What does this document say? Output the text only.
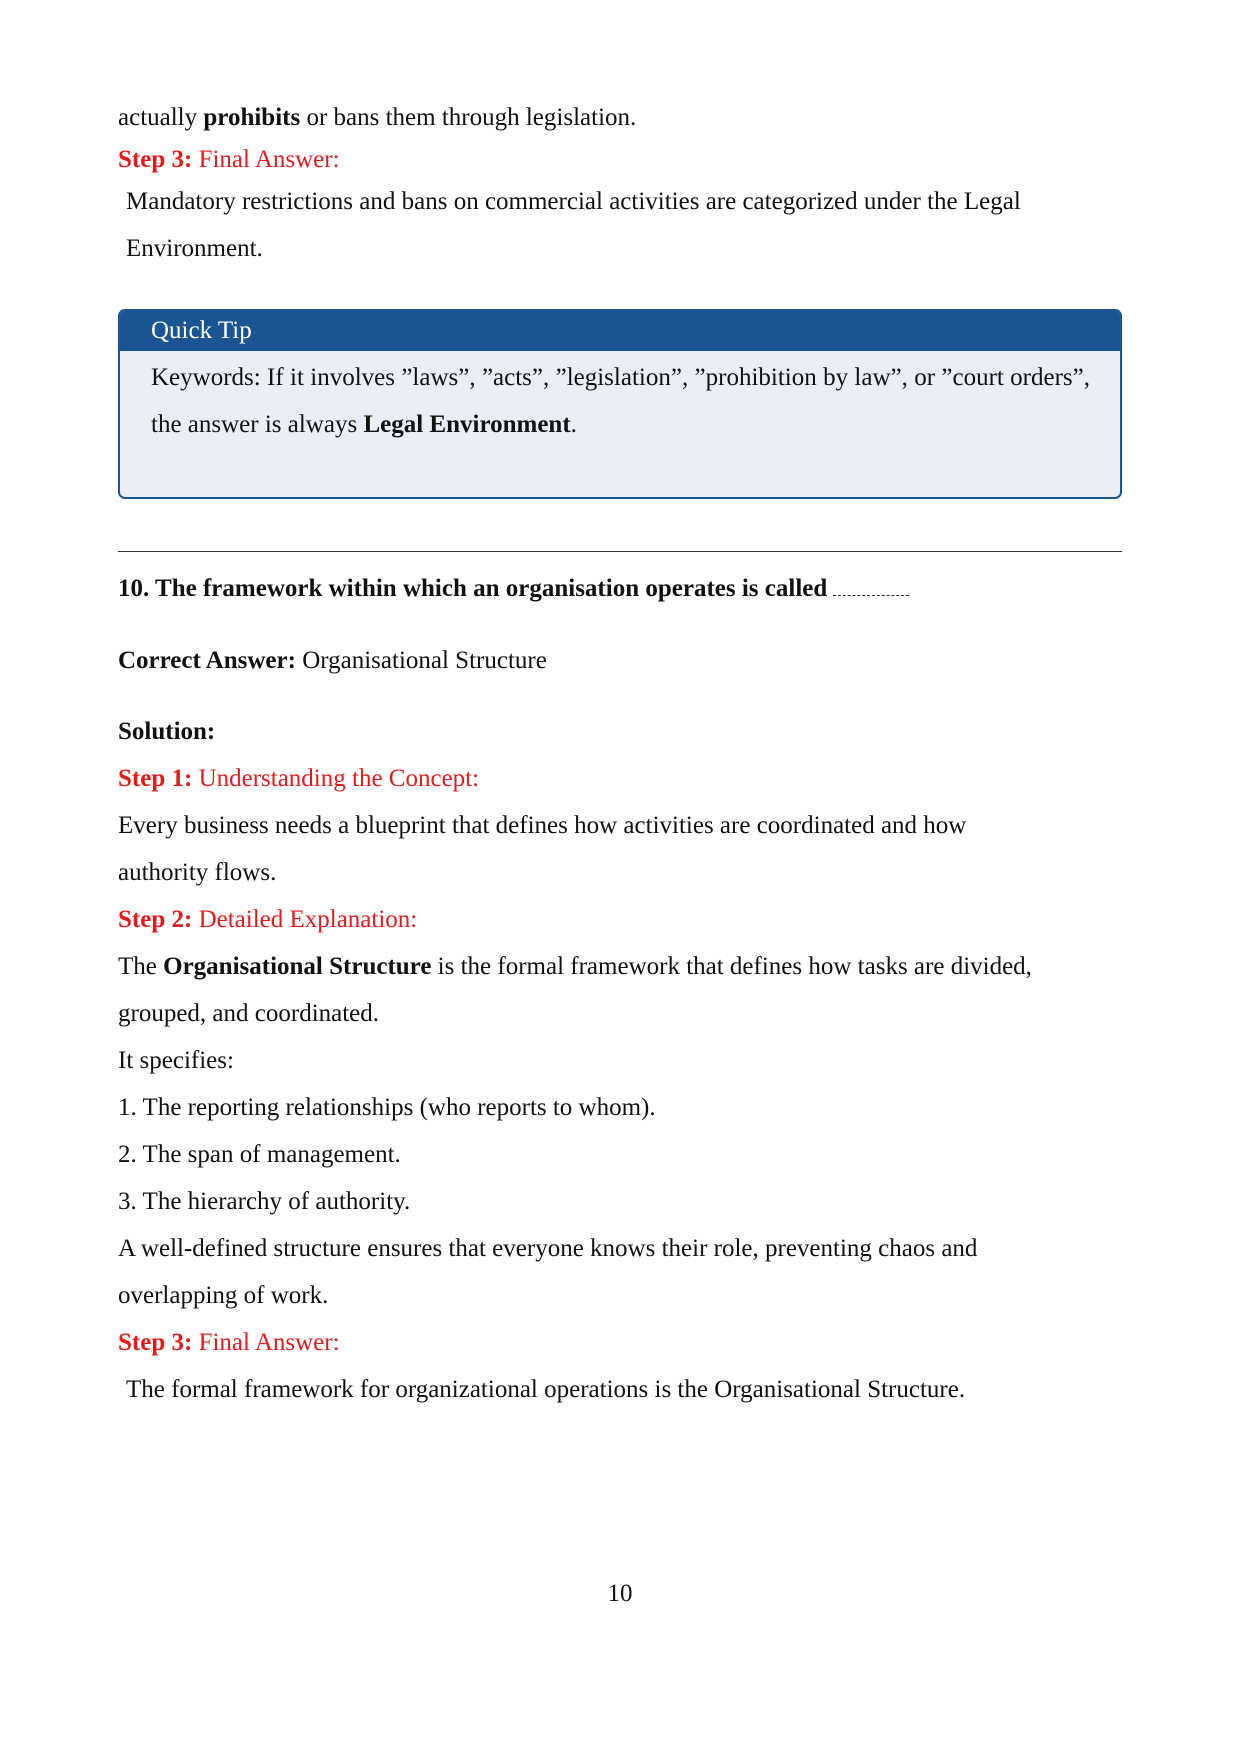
actually prohibits or bans them through legislation.

Step 3: Final Answer:

Mandatory restrictions and bans on commercial activities are categorized under the Legal Environment.

Quick Tip
Keywords: If it involves ”laws”, ”acts”, ”legislation”, ”prohibition by law”, or ”court orders”, the answer is always Legal Environment.

10. The framework within which an organisation operates is called

Correct Answer: Organisational Structure

Solution:

Step 1: Understanding the Concept:

Every business needs a blueprint that defines how activities are coordinated and how authority flows.

Step 2: Detailed Explanation:

The Organisational Structure is the formal framework that defines how tasks are divided, grouped, and coordinated.

It specifies:

1. The reporting relationships (who reports to whom).

2. The span of management.

3. The hierarchy of authority.

A well-defined structure ensures that everyone knows their role, preventing chaos and overlapping of work.

Step 3: Final Answer:

The formal framework for organizational operations is the Organisational Structure.

10
